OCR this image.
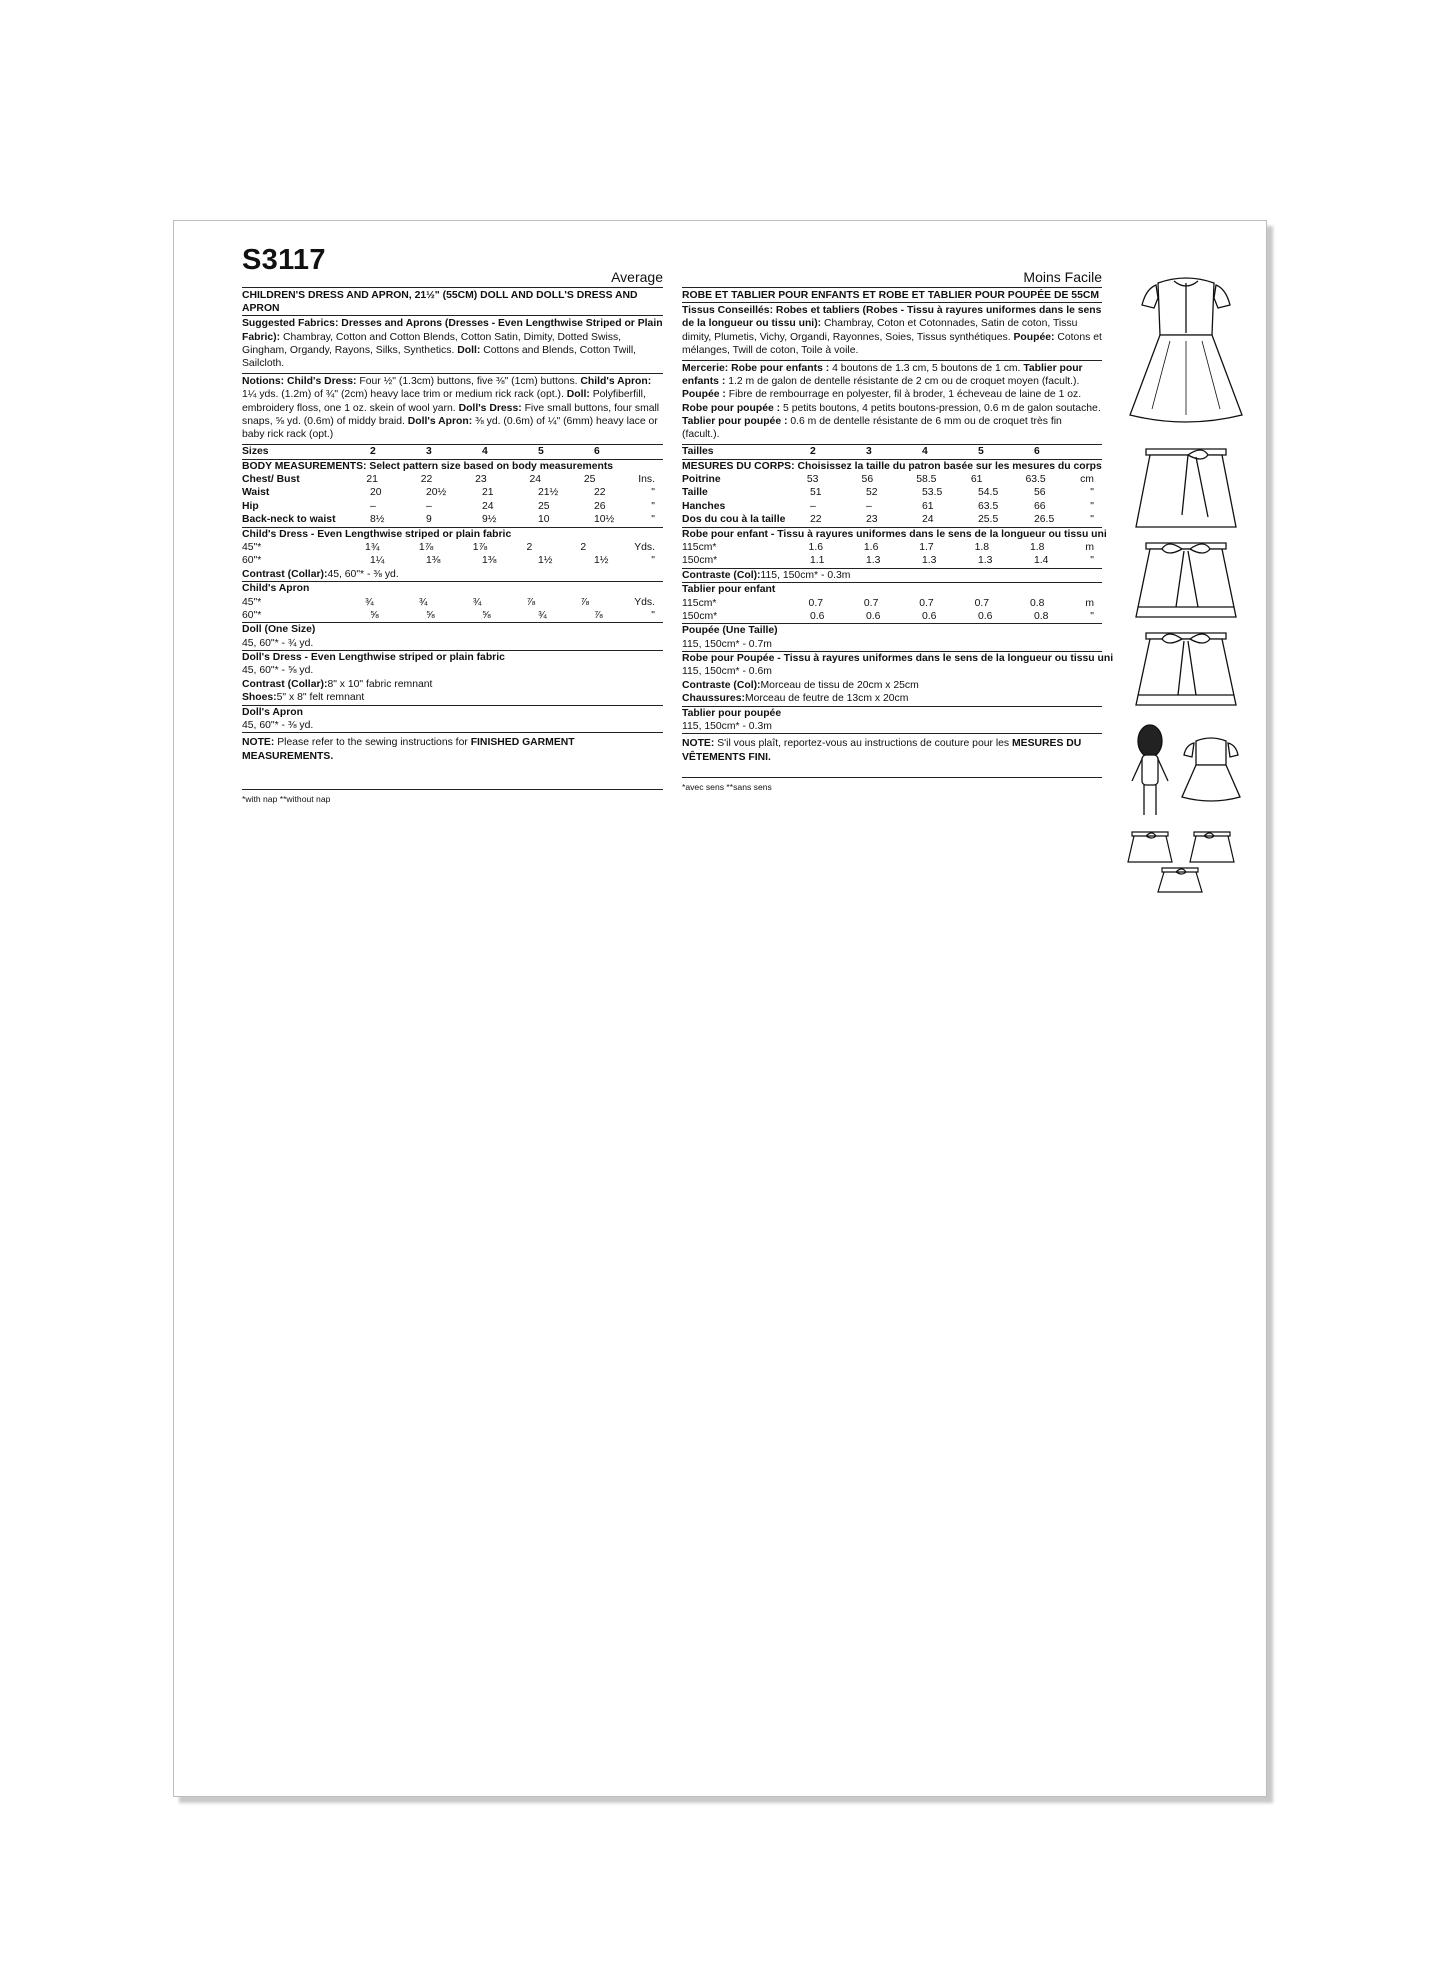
S3117
Average
CHILDREN'S DRESS AND APRON, 21½" (55CM) DOLL AND DOLL'S DRESS AND APRON
Suggested Fabrics: Dresses and Aprons (Dresses - Even Lengthwise Striped or Plain Fabric): Chambray, Cotton and Cotton Blends, Cotton Satin, Dimity, Dotted Swiss, Gingham, Organdy, Rayons, Silks, Synthetics. Doll: Cottons and Blends, Cotton Twill, Sailcloth.
Notions: Child's Dress: Four ½" (1.3cm) buttons, five ⅜" (1cm) buttons. Child's Apron: 1¼ yds. (1.2m) of ¾" (2cm) heavy lace trim or medium rick rack (opt.). Doll: Polyfiberfill, embroidery floss, one 1 oz. skein of wool yarn. Doll's Dress: Five small buttons, four small snaps, ⅝ yd. (0.6m) of middy braid. Doll's Apron: ⅜ yd. (0.6m) of ¼" (6mm) heavy lace or baby rick rack (opt.)
Sizes	2	3	4	5	6
BODY MEASUREMENTS: Select pattern size based on body measurements
Chest/ Bust	21	22	23	24	25	Ins.
Waist	20	20½	21	21½	22	"
Hip	–	–	24	25	26	"
Back-neck to waist	8½	9	9½	10	10½	"
Child's Dress - Even Lengthwise striped or plain fabric
45"*	1¾	1⅞	1⅞	2	2	Yds.
60"*	1¼	1⅜	1⅜	1½	1½	"
Contrast (Collar): 45, 60"* - ⅜ yd.
Child's Apron
45"*	¾	¾	¾	⅞	⅞	Yds.
60"*	⅝	⅝	⅝	¾	⅞	"
Doll (One Size)
45, 60"* - ¾ yd.
Doll's Dress - Even Lengthwise striped or plain fabric
45, 60"* - ⅝ yd.
Contrast (Collar): 8" x 10" fabric remnant
Shoes: 5" x 8" felt remnant
Doll's Apron
45, 60"* - ⅜ yd.
NOTE: Please refer to the sewing instructions for FINISHED GARMENT MEASUREMENTS.
*with nap **without nap
Moins Facile
ROBE ET TABLIER POUR ENFANTS ET ROBE ET TABLIER POUR POUPÉE DE 55CM
Tissus Conseillés: Robes et tabliers (Robes - Tissu à rayures uniformes dans le sens de la longueur ou tissu uni): Chambray, Coton et Cotonnades, Satin de coton, Tissu dimity, Plumetis, Vichy, Organdi, Rayonnes, Soies, Tissus synthétiques. Poupée: Cotons et mélanges, Twill de coton, Toile à voile.
Mercerie: Robe pour enfants : 4 boutons de 1.3 cm, 5 boutons de 1 cm. Tablier pour enfants : 1.2 m de galon de dentelle résistante de 2 cm ou de croquet moyen (facult.). Poupée : Fibre de rembourrage en polyester, fil à broder, 1 écheveau de laine de 1 oz. Robe pour poupée : 5 petits boutons, 4 petits boutons-pression, 0.6 m de galon soutache. Tablier pour poupée : 0.6 m de dentelle résistante de 6 mm ou de croquet très fin (facult.).
Tailles	2	3	4	5	6
MESURES DU CORPS: Choisissez la taille du patron basée sur les mesures du corps
Poitrine	53	56	58.5	61	63.5	cm
Taille	51	52	53.5	54.5	56	"
Hanches	–	–	61	63.5	66	"
Dos du cou à la taille	22	23	24	25.5	26.5	"
Robe pour enfant - Tissu à rayures uniformes dans le sens de la longueur ou tissu uni
115cm*	1.6	1.6	1.7	1.8	1.8	m
150cm*	1.1	1.3	1.3	1.3	1.4	"
Contraste (Col): 115, 150cm* - 0.3m
Tablier pour enfant
115cm*	0.7	0.7	0.7	0.7	0.8	m
150cm*	0.6	0.6	0.6	0.6	0.8	"
Poupée (Une Taille)
115, 150cm* - 0.7m
Robe pour Poupée - Tissu à rayures uniformes dans le sens de la longueur ou tissu uni
115, 150cm* - 0.6m
Contraste (Col): Morceau de tissu de 20cm x 25cm
Chaussures: Morceau de feutre de 13cm x 20cm
Tablier pour poupée
115, 150cm* - 0.3m
NOTE: S'il vous plaît, reportez-vous au instructions de couture pour les MESURES DU VÊTEMENTS FINI.
*avec sens **sans sens
